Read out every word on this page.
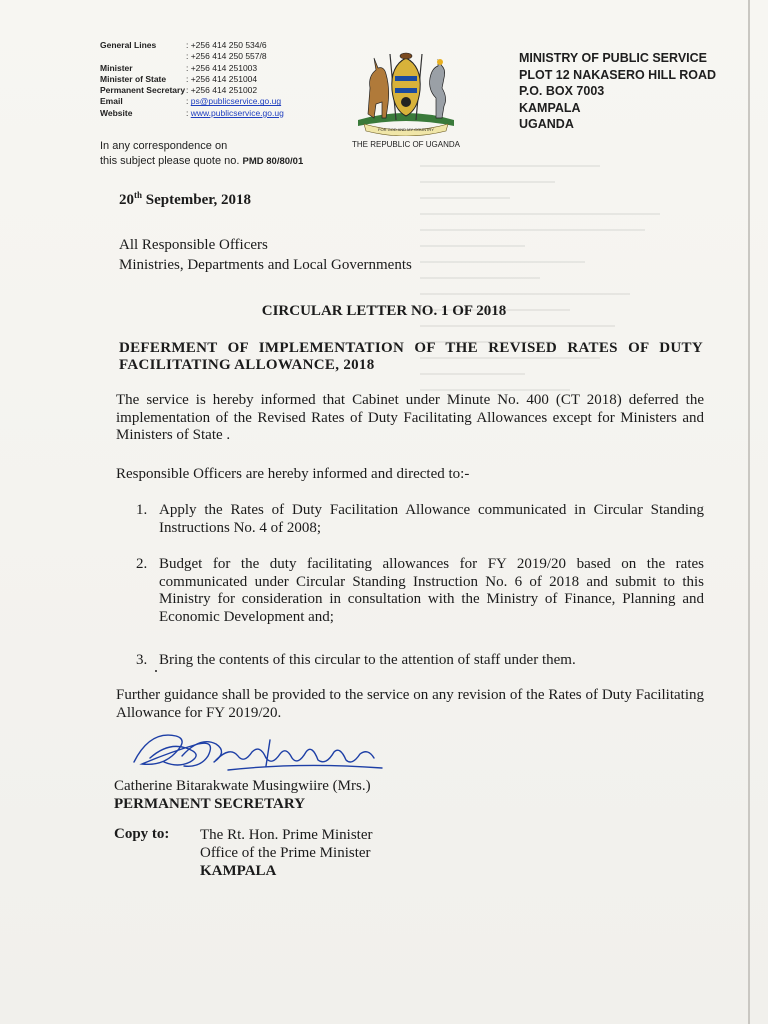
General Lines	: +256 414 250 534/6
: +256 414 250 557/8
Minister	: +256 414 251003
Minister of State	: +256 414 251004
Permanent Secretary : +256 414 251002
Email	: ps@publicservice.go.ug
Website	: www.publicservice.go.ug
FOR GOD AND MY COUNTRY
THE REPUBLIC OF UGANDA
MINISTRY OF PUBLIC SERVICE
PLOT 12 NAKASERO HILL ROAD
P.O. BOX 7003
KAMPALA
UGANDA
In any correspondence on
this subject please quote no. PMD 80/80/01
20th September, 2018
All Responsible Officers
Ministries, Departments and Local Governments
CIRCULAR LETTER NO. 1 OF 2018
DEFERMENT OF IMPLEMENTATION OF THE REVISED RATES OF DUTY FACILITATING ALLOWANCE, 2018
The service is hereby informed that Cabinet under Minute No. 400 (CT 2018) deferred the implementation of the Revised Rates of Duty Facilitating Allowances except for Ministers and Ministers of State .
Responsible Officers are hereby informed and directed to:-
1. Apply the Rates of Duty Facilitation Allowance communicated in Circular Standing Instructions No. 4 of 2008;
2. Budget for the duty facilitating allowances for FY 2019/20 based on the rates communicated under Circular Standing Instruction No. 6 of 2018 and submit to this Ministry for consideration in consultation with the Ministry of Finance, Planning and Economic Development and;
3. Bring the contents of this circular to the attention of staff under them.
Further guidance shall be provided to the service on any revision of the Rates of Duty Facilitating Allowance for FY 2019/20.
Catherine Bitarakwate Musingwiire (Mrs.)
PERMANENT SECRETARY
Copy to: The Rt. Hon. Prime Minister
Office of the Prime Minister
KAMPALA
